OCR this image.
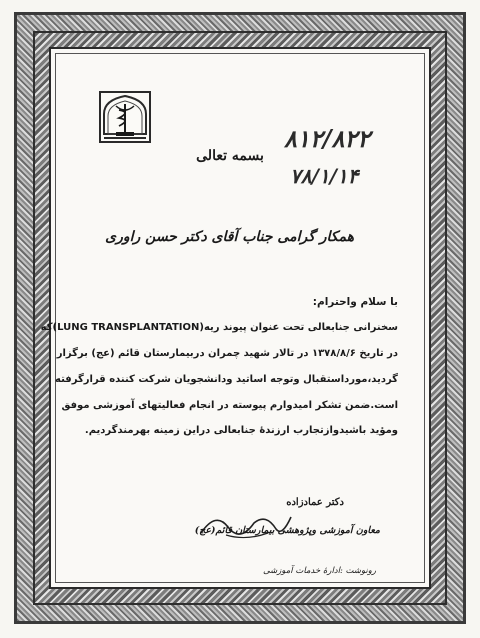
۸۱۲/۸۲۲
۷۸/۱/۱۴
بسمه تعالی
همکار گرامی جناب آقای دکتر حسن راوری
با سلام واحترام:
سخنرانی جنابعالی تحت عنوان پیوند ریه(LUNG TRANSPLANTATION)که
در تاریخ ۱۳۷۸/۸/۶ در تالار شهید چمران دربیمارستان قائم (عج) برگزار
گردید،مورداستقبال وتوجه اساتید ودانشجویان شرکت کننده قرارگرفته
است.ضمن تشکر امیدوارم پیوسته در انجام فعالیتهای آموزشی موفق
ومؤید باشیدوازتجارب ارزندۀ جنابعالی دراین زمینه بهرمندگردیم.
دکتر عمادزاده
معاون آموزشی وپژوهشی بیمارستان قائم(عج)
رونوشت :ادارۀ خدمات آموزشی
